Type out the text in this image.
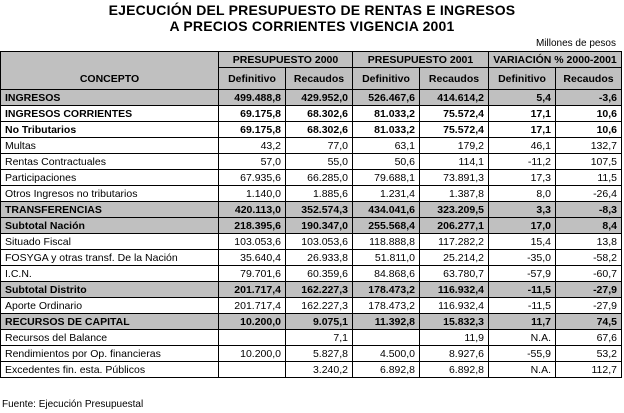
EJECUCIÓN DEL PRESUPUESTO DE RENTAS E INGRESOS
A PRECIOS CORRIENTES VIGENCIA 2001
Millones de pesos
CONCEPTO	PRESUPUESTO 2000		PRESUPUESTO 2001		VARIACIÓN % 2000-2001	
	Definitivo	Recaudos	Definitivo	Recaudos	Definitivo	Recaudos
INGRESOS	499.488,8	429.952,0	526.467,6	414.614,2	5,4	-3,6
INGRESOS CORRIENTES	69.175,8	68.302,6	81.033,2	75.572,4	17,1	10,6
No Tributarios	69.175,8	68.302,6	81.033,2	75.572,4	17,1	10,6
Multas	43,2	77,0	63,1	179,2	46,1	132,7
Rentas Contractuales	57,0	55,0	50,6	114,1	-11,2	107,5
Participaciones	67.935,6	66.285,0	79.688,1	73.891,3	17,3	11,5
Otros Ingresos no tributarios	1.140,0	1.885,6	1.231,4	1.387,8	8,0	-26,4
TRANSFERENCIAS	420.113,0	352.574,3	434.041,6	323.209,5	3,3	-8,3
Subtotal Nación	218.395,6	190.347,0	255.568,4	206.277,1	17,0	8,4
Situado Fiscal	103.053,6	103.053,6	118.888,8	117.282,2	15,4	13,8
FOSYGA y otras transf. De la Nación	35.640,4	26.933,8	51.811,0	25.214,2	-35,0	-58,2
I.C.N.	79.701,6	60.359,6	84.868,6	63.780,7	-57,9	-60,7
Subtotal Distrito	201.717,4	162.227,3	178.473,2	116.932,4	-11,5	-27,9
Aporte Ordinario	201.717,4	162.227,3	178.473,2	116.932,4	-11,5	-27,9
RECURSOS DE CAPITAL	10.200,0	9.075,1	11.392,8	15.832,3	11,7	74,5
Recursos del Balance		7,1		11,9	N.A.	67,6
Rendimientos por Op. financieras	10.200,0	5.827,8	4.500,0	8.927,6	-55,9	53,2
Excedentes fin. esta. Públicos		3.240,2	6.892,8	6.892,8	N.A.	112,7
Fuente: Ejecución Presupuestal
